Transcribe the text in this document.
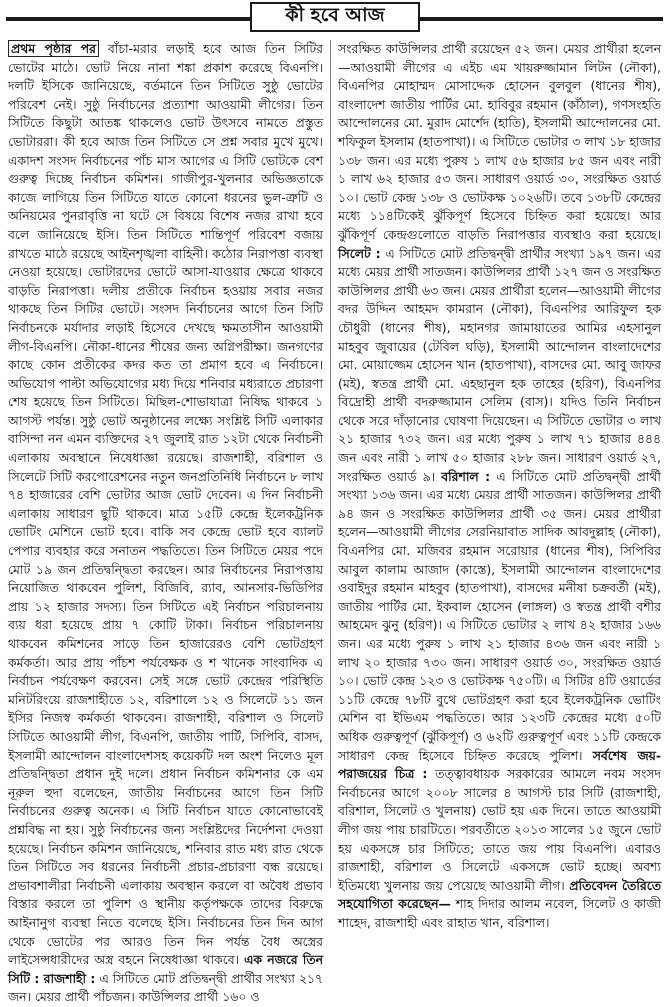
কী হবে আজ

প্রথম পৃষ্ঠার পর বাঁচা-মরার লড়াই হবে আজ তিন সিটির ভোটের মাঠে। ভোট নিয়ে নানা শঙ্কা প্রকাশ করেছে বিএনপি। দলটি ইসিকে জানিয়েছে, বর্তমানে তিন সিটিতে সুষ্ঠু ভোটের পরিবেশ নেই। সুষ্ঠু নির্বাচনের প্রত্যাশা আওয়ামী লীগের। তিন সিটিতে কিছুটা আতঙ্ক থাকলেও ভোট উৎসবে নামতে প্রস্তুত ভোটাররা। কী হবে আজ তিন সিটিতে সে প্রশ্ন সবার মুখে মুখে। একাদশ সংসদ নির্বাচনের পাঁচ মাস আগের এ সিটি ভোটকে বেশ গুরুত্ব দিচ্ছে নির্বাচন কমিশন। গাজীপুর-খুলনার অভিজ্ঞতাকে কাজে লাগিয়ে তিন সিটিতে যাতে কোনো ধরনের ভুল-ত্রুটি ও অনিয়মের পুনরাবৃত্তি না ঘটে সে বিষয়ে বিশেষ নজর রাখা হবে বলে জানিয়েছে ইসি। তিন সিটিতে শান্তিপূর্ণ পরিবেশ বজায় রাখতে মাঠে রয়েছে আইনশৃঙ্খলা বাহিনী। কঠোর নিরাপত্তা ব্যবস্থা নেওয়া হয়েছে। ভোটারদের ভোটে আসা-যাওয়ার ক্ষেত্রে থাকবে বাড়তি নিরাপত্তা। দলীয় প্রতীকে নির্বাচন হওয়ায় সবার নজর থাকছে তিন সিটির ভোটে। সংসদ নির্বাচনের আগে তিন সিটি নির্বাচনকে মর্যাদার লড়াই হিসেবে দেখছে ক্ষমতাসীন আওয়ামী লীগ-বিএনপি। নৌকা-ধানের শীষের জন্য অগ্নিপরীক্ষা। জনগণের কাছে কোন প্রতীকের কদর কত তা প্রমাণ হবে এ নির্বাচনে। অভিযোগ পাল্টা অভিযোগের মধ্য দিয়ে শনিবার মধ্যরাতে প্রচারণা শেষ হয়েছে তিন সিটিতে। মিছিল-শোভাযাত্রা নিষিদ্ধ থাকবে ১ আগস্ট পর্যন্ত। সুষ্ঠু ভোট অনুষ্ঠানের লক্ষ্যে সংশ্লিষ্ট সিটি এলাকার বাসিন্দা নন এমন ব্যক্তিদের ২৭ জুলাই রাত ১২টা থেকে নির্বাচনী এলাকায় অবস্থানে নিষেধাজ্ঞা রয়েছে। রাজশাহী, বরিশাল ও সিলেটে সিটি করপোরেশনের নতুন জনপ্রতিনিধি নির্বাচনে ৮ লাখ ৭৪ হাজারের বেশি ভোটার আজ ভোট দেবেন। এ দিন নির্বাচনী এলাকায় সাধারণ ছুটি থাকবে। মাত্র ১৫টি কেন্দ্রে ইলেকট্রনিক ভোটিং মেশিনে ভোট হবে। বাকি সব কেন্দ্রে ভোট হবে ব্যালট পেপার ব্যবহার করে সনাতন পদ্ধতিতে। তিন সিটিতে মেয়র পদে মোট ১৯ জন প্রতিদ্বন্দ্বিতা করছেন। আর নির্বাচনের নিরাপত্তায় নিয়োজিত থাকবেন পুলিশ, বিজিবি, র‌্যাব, আনসার-ভিডিপির প্রায় ১২ হাজার সদস্য। তিন সিটিতে এই নির্বাচন পরিচালনায় ব্যয় ধরা হয়েছে প্রায় ৭ কোটি টাকা। নির্বাচন পরিচালনায় থাকবেন কমিশনের সাড়ে তিন হাজারেরও বেশি ভোটগ্রহণ কর্মকর্তা। আর প্রায় পাঁচশ পর্যবেক্ষক ও শ খানেক সাংবাদিক এ নির্বাচন পর্যবেক্ষণ করবেন। সেই সঙ্গে ভোট কেন্দ্রের পরিস্থিতি মনিটরিংয়ে রাজশাহীতে ১২, বরিশালে ১২ ও সিলেটে ১১ জন ইসির নিজস্ব কর্মকর্তা থাকবেন। রাজশাহী, বরিশাল ও সিলেট সিটিতে আওয়ামী লীগ, বিএনপি, জাতীয় পার্টি, সিপিবি, বাসদ, ইসলামী আন্দোলন বাংলাদেশসহ কয়েকটি দল অংশ নিলেও মূল প্রতিদ্বন্দ্বিতা প্রধান দুই দলে। প্রধান নির্বাচন কমিশনার কে এম নূরুল হুদা বলেছেন, জাতীয় নির্বাচনের আগে তিন সিটি নির্বাচনের গুরুত্ব অনেক। এ সিটি নির্বাচন যাতে কোনোভাবেই প্রশ্নবিদ্ধ না হয়। সুষ্ঠু নির্বাচনের জন্য সংশ্লিষ্টদের নির্দেশনা দেওয়া হয়েছে। নির্বাচন কমিশন জানিয়েছে, শনিবার রাত মধ্য রাত থেকে তিন সিটিতে সব ধরনের নির্বাচনী প্রচার-প্রচারণা বন্ধ রয়েছে। প্রভাবশালীরা নির্বাচনী এলাকায় অবস্থান করলে বা অবৈধ প্রভাব বিস্তার করলে তা পুলিশ ও স্থানীয় কর্তৃপক্ষকে তাদের বিরুদ্ধে আইনানুগ ব্যবস্থা নিতে বলেছে ইসি। নির্বাচনের তিন দিন আগ থেকে ভোটের পর আরও তিন দিন পর্যন্ত বৈধ অস্ত্রের লাইসেন্সধারীদের অস্ত্র বহনে নিষেধাজ্ঞা থাকবে। এক নজরে তিন সিটি : রাজশাহী : এ সিটিতে মোট প্রতিদ্বন্দ্বী প্রার্থীর সংখ্যা ২১৭ জন। মেয়র প্রার্থী পাঁচজন। কাউন্সিলর প্রার্থী ১৬০ ও

সংরক্ষিত কাউন্সিলর প্রার্থী রয়েছেন ৫২ জন। মেয়র প্রার্থীরা হলেন—আওয়ামী লীগের এ এইচ এম খায়রুজ্জামান লিটন (নৌকা), বিএনপির মোহাম্মদ মোসাদ্দেক হোসেন বুলবুল (ধানের শীষ), বাংলাদেশ জাতীয় পার্টির মো. হাবিবুর রহমান (কাঁঠাল), গণসংহতি আন্দোলনের মো. মুরাদ মোর্শেদ (হাতি), ইসলামী আন্দোলনের মো. শফিকুল ইসলাম (হাতপাখা)। এ সিটিতে ভোটার ৩ লাখ ১৮ হাজার ১৩৮ জন। এর মধ্যে পুরুষ ১ লাখ ৫৬ হাজার ৮৫ জন এবং নারী ১ লাখ ৬২ হাজার ৫৩ জন। সাধারণ ওয়ার্ড ৩০, সংরক্ষিত ওয়ার্ড ১০। ভোট কেন্দ্র ১৩৮ ও ভোটকক্ষ ১০২৬টি। তবে ১৩৮টি কেন্দ্রের মধ্যে ১১৪টিকেই ঝুঁকিপূর্ণ হিসেবে চিহ্নিত করা হয়েছে। আর ঝুঁকিপূর্ণ কেন্দ্রগুলোতে বাড়তি নিরাপত্তার ব্যবস্থাও করা হয়েছে। সিলেট : এ সিটিতে মোট প্রতিদ্বন্দ্বী প্রার্থীর সংখ্যা ১৯৭ জন। এর মধ্যে মেয়র প্রার্থী সাতজন। কাউন্সিলর প্রার্থী ১২৭ জন ও সংরক্ষিত কাউন্সিলর প্রার্থী ৬৩ জন। মেয়র প্রার্থীরা হলেন—আওয়ামী লীগের বদর উদ্দিন আহমদ কামরান (নৌকা), বিএনপির আরিফুল হক চৌধুরী (ধানের শীষ), মহানগর জামায়াতের আমির এহসানুল মাহবুব জুবায়ের (টেবিল ঘড়ি), ইসলামী আন্দোলন বাংলাদেশের মো. মোয়াজ্জেম হোসেন খান (হাতপাখা), বাসদের মো. আবু জাফর (মই), স্বতন্ত্র প্রার্থী মো. এহছানুল হক তাহের (হরিণ), বিএনপির বিদ্রোহী প্রার্থী বদরুজ্জামান সেলিম (বাস)। যদিও তিনি নির্বাচন থেকে সরে দাঁড়ানোর ঘোষণা দিয়েছেন। এ সিটিতে ভোটার ৩ লাখ ২১ হাজার ৭৩২ জন। এর মধ্যে পুরুষ ১ লাখ ৭১ হাজার ৪৪৪ জন এবং নারী ১ লাখ ৫০ হাজার ২৮৮ জন। সাধারণ ওয়ার্ড ২৭, সংরক্ষিত ওয়ার্ড ৯। বরিশাল : এ সিটিতে মোট প্রতিদ্বন্দ্বী প্রার্থী সংখ্যা ১৩৬ জন। এর মধ্যে মেয়র প্রার্থী সাতজন। কাউন্সিলর প্রার্থী ৯৪ জন ও সংরক্ষিত কাউন্সিলর প্রার্থী ৩৫ জন। মেয়র প্রার্থীরা হলেন—আওয়ামী লীগের সেরনিয়াবাত সাদিক আবদুল্লাহ (নৌকা), বিএনপির মো. মজিবর রহমান সরোয়ার (ধানের শীষ), সিপিবির আবুল কালাম আজাদ (কাস্তে), ইসলামী আন্দোলন বাংলাদেশের ওবাইদুর রহমান মাহবুব (হাতপাখা), বাসদের মনীষা চক্রবর্তী (মই), জাতীয় পার্টির মো. ইকবাল হোসেন (লাঙ্গল) ও স্বতন্ত্র প্রার্থী বশীর আহমেদ ঝুনু (হরিণ)। এ সিটিতে ভোটার ২ লাখ ৪২ হাজার ১৬৬ জন। এর মধ্যে পুরুষ ১ লাখ ২১ হাজার ৪৩৬ জন এবং নারী ১ লাখ ২০ হাজার ৭৩০ জন। সাধারণ ওয়ার্ড ৩০, সংরক্ষিত ওয়ার্ড ১০। ভোট কেন্দ্র ১২৩ ও ভোটকক্ষ ৭৫০টি। এ সিটির ৪টি ওয়ার্ডের ১১টি কেন্দ্রে ৭৮টি বুথে ভোটগ্রহণ করা হবে ইলেকট্রনিক ভোটিং মেশিন বা ইভিএম পদ্ধতিতে। আর ১২৩টি কেন্দ্রের মধ্যে ৫০টি অধিক গুরুত্বপূর্ণ (ঝুঁকিপূর্ণ) ও ৬২টি গুরুত্বপূর্ণ এবং ১১টি কেন্দ্রকে সাধারণ কেন্দ্র হিসেবে চিহ্নিত করেছে পুলিশ। সর্বশেষ জয়-পরাজয়ের চিত্র : তত্ত্বাবধায়ক সরকারের আমলে নবম সংসদ নির্বাচনের আগে ২০০৮ সালের ৪ আগস্ট চার সিটি (রাজশাহী, বরিশাল, সিলেট ও খুলনায়) ভোট হয় এক দিনে। তাতে আওয়ামী লীগ জয় পায় চারটিতে। পরবর্তীতে ২০১৩ সালের ১৫ জুনে ভোট হয় একসঙ্গে চার সিটিতে; তাতে জয় পায় বিএনপি। এবারও রাজশাহী, বরিশাল ও সিলেটে একসঙ্গে ভোট হচ্ছে। অবশ্য ইতিমধ্যে খুলনায় জয় পেয়েছে আওয়ামী লীগ। প্রতিবেদন তৈরিতে সহযোগিতা করেছেন— শাহ দিদার আলম নবেল, সিলেট ও কাজী শাহেদ, রাজশাহী এবং রাহাত খান, বরিশাল।
